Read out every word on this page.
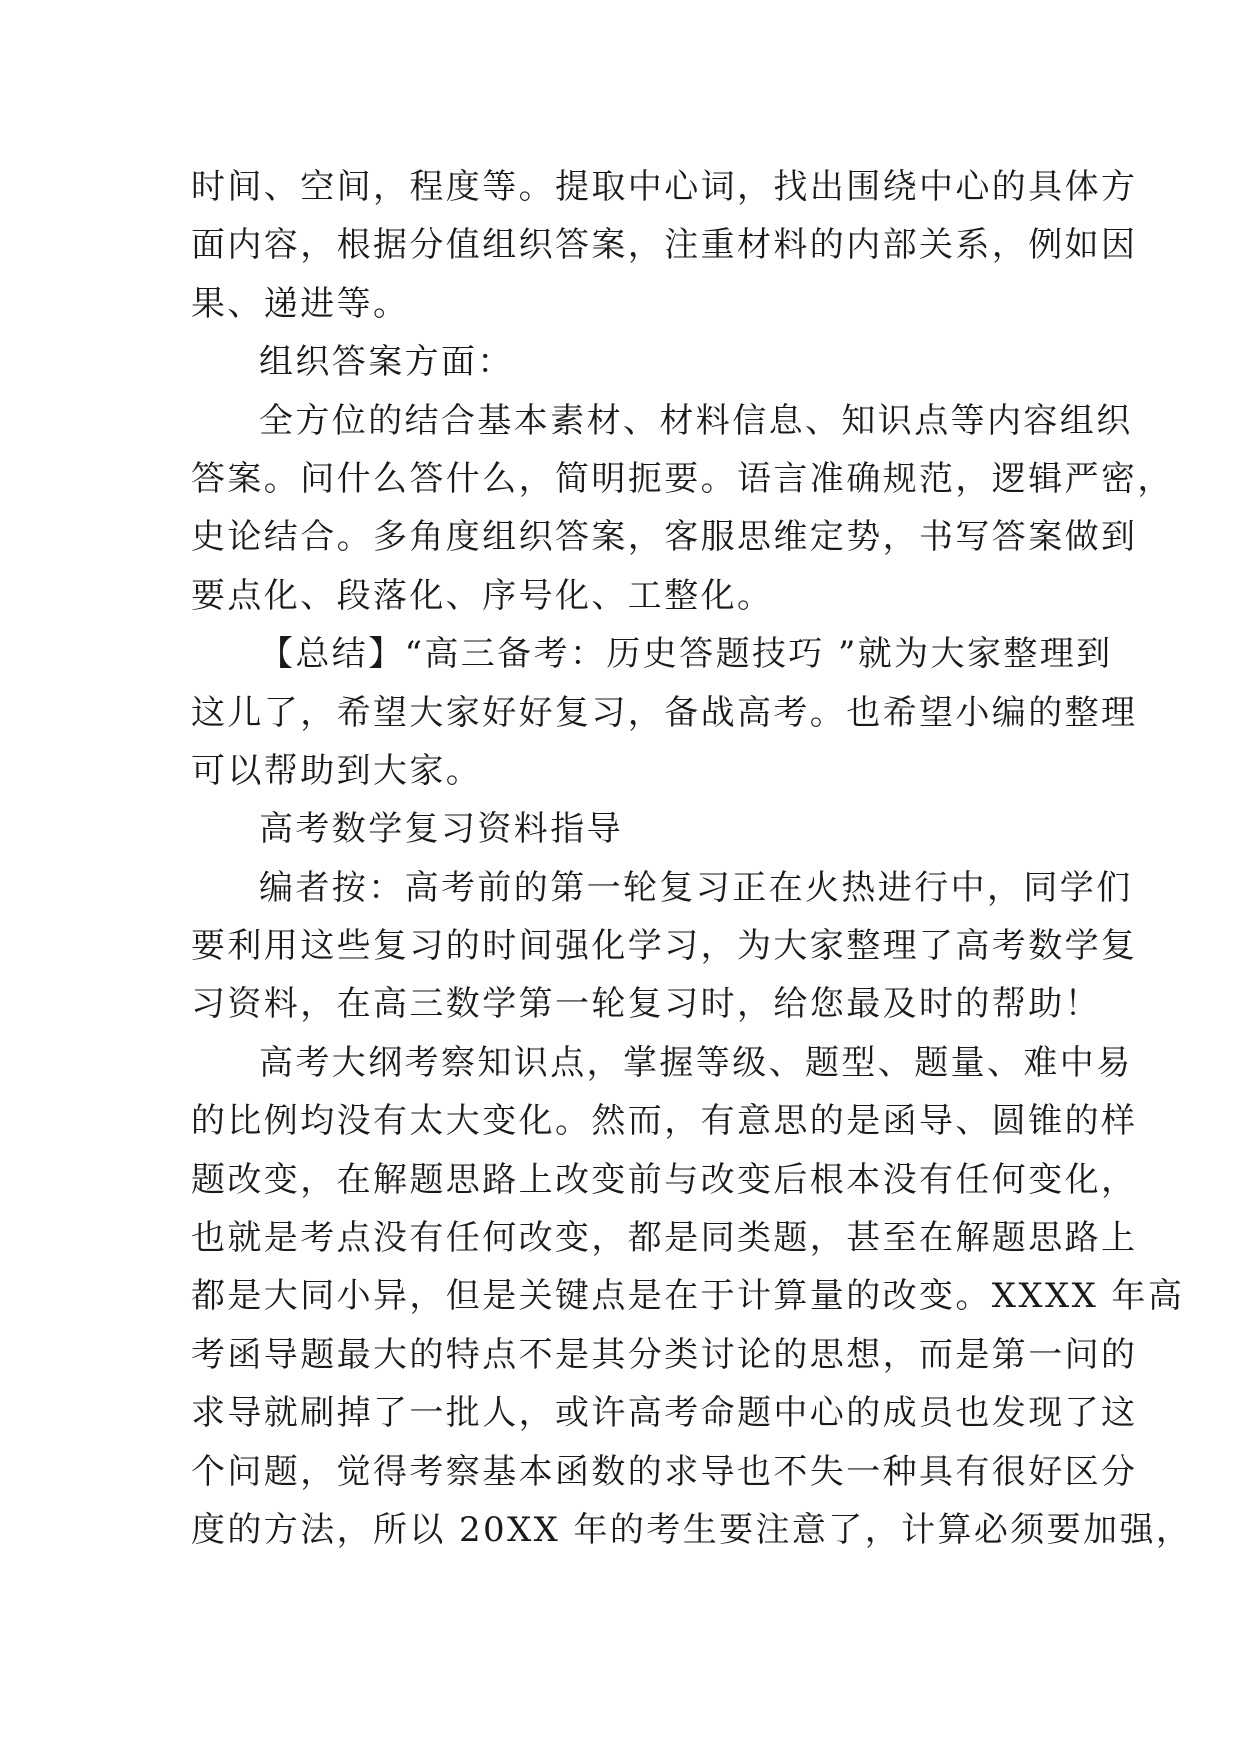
时间、空间，程度等。提取中心词，找出围绕中心的具体方
面内容，根据分值组织答案，注重材料的内部关系，例如因
果、递进等。
组织答案方面：
全方位的结合基本素材、材料信息、知识点等内容组织
答案。问什么答什么，简明扼要。语言准确规范，逻辑严密，
史论结合。多角度组织答案，客服思维定势，书写答案做到
要点化、段落化、序号化、工整化。
【总结】“高三备考：历史答题技巧 ”就为大家整理到
这儿了，希望大家好好复习，备战高考。也希望小编的整理
可以帮助到大家。
高考数学复习资料指导
编者按：高考前的第一轮复习正在火热进行中，同学们
要利用这些复习的时间强化学习，为大家整理了高考数学复
习资料，在高三数学第一轮复习时，给您最及时的帮助！
高考大纲考察知识点，掌握等级、题型、题量、难中易
的比例均没有太大变化。然而，有意思的是函导、圆锥的样
题改变，在解题思路上改变前与改变后根本没有任何变化，
也就是考点没有任何改变，都是同类题，甚至在解题思路上
都是大同小异，但是关键点是在于计算量的改变。XXXX 年高
考函导题最大的特点不是其分类讨论的思想，而是第一问的
求导就刷掉了一批人，或许高考命题中心的成员也发现了这
个问题，觉得考察基本函数的求导也不失一种具有很好区分
度的方法，所以 20XX 年的考生要注意了，计算必须要加强，
